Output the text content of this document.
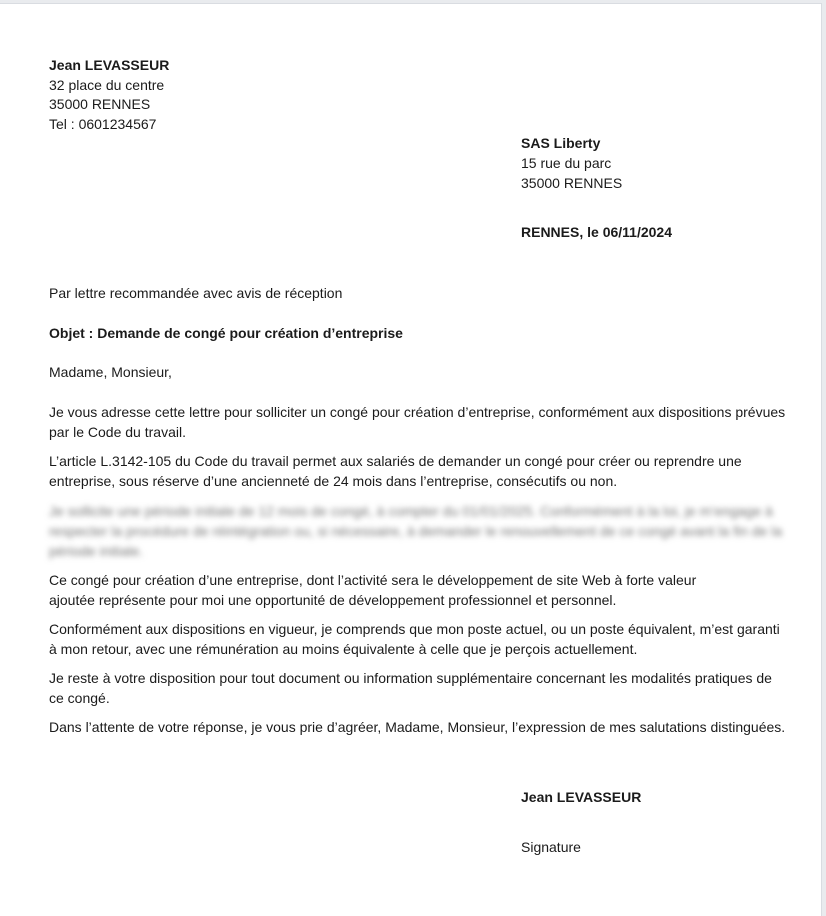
Jean LEVASSEUR
32 place du centre
35000 RENNES
Tel : 0601234567
SAS Liberty
15 rue du parc
35000 RENNES
RENNES, le 06/11/2024
Par lettre recommandée avec avis de réception
Objet : Demande de congé pour création d’entreprise
Madame, Monsieur,
Je vous adresse cette lettre pour solliciter un congé pour création d’entreprise, conformément aux dispositions prévues
par le Code du travail.
L’article L.3142-105 du Code du travail permet aux salariés de demander un congé pour créer ou reprendre une
entreprise, sous réserve d’une ancienneté de 24 mois dans l’entreprise, consécutifs ou non.
Je sollicite une période initiale de 12 mois de congé, à compter du 01/01/2025. Conformément à la loi, je m’engage à
respecter la procédure de réintégration ou, si nécessaire, à demander le renouvellement de ce congé avant la fin de la
période initiale.
Ce congé pour création d’une entreprise, dont l’activité sera le développement de site Web à forte valeur
ajoutée représente pour moi une opportunité de développement professionnel et personnel.
Conformément aux dispositions en vigueur, je comprends que mon poste actuel, ou un poste équivalent, m’est garanti
à mon retour, avec une rémunération au moins équivalente à celle que je perçois actuellement.
Je reste à votre disposition pour tout document ou information supplémentaire concernant les modalités pratiques de
ce congé.
Dans l’attente de votre réponse, je vous prie d’agréer, Madame, Monsieur, l’expression de mes salutations distinguées.
Jean LEVASSEUR
Signature
